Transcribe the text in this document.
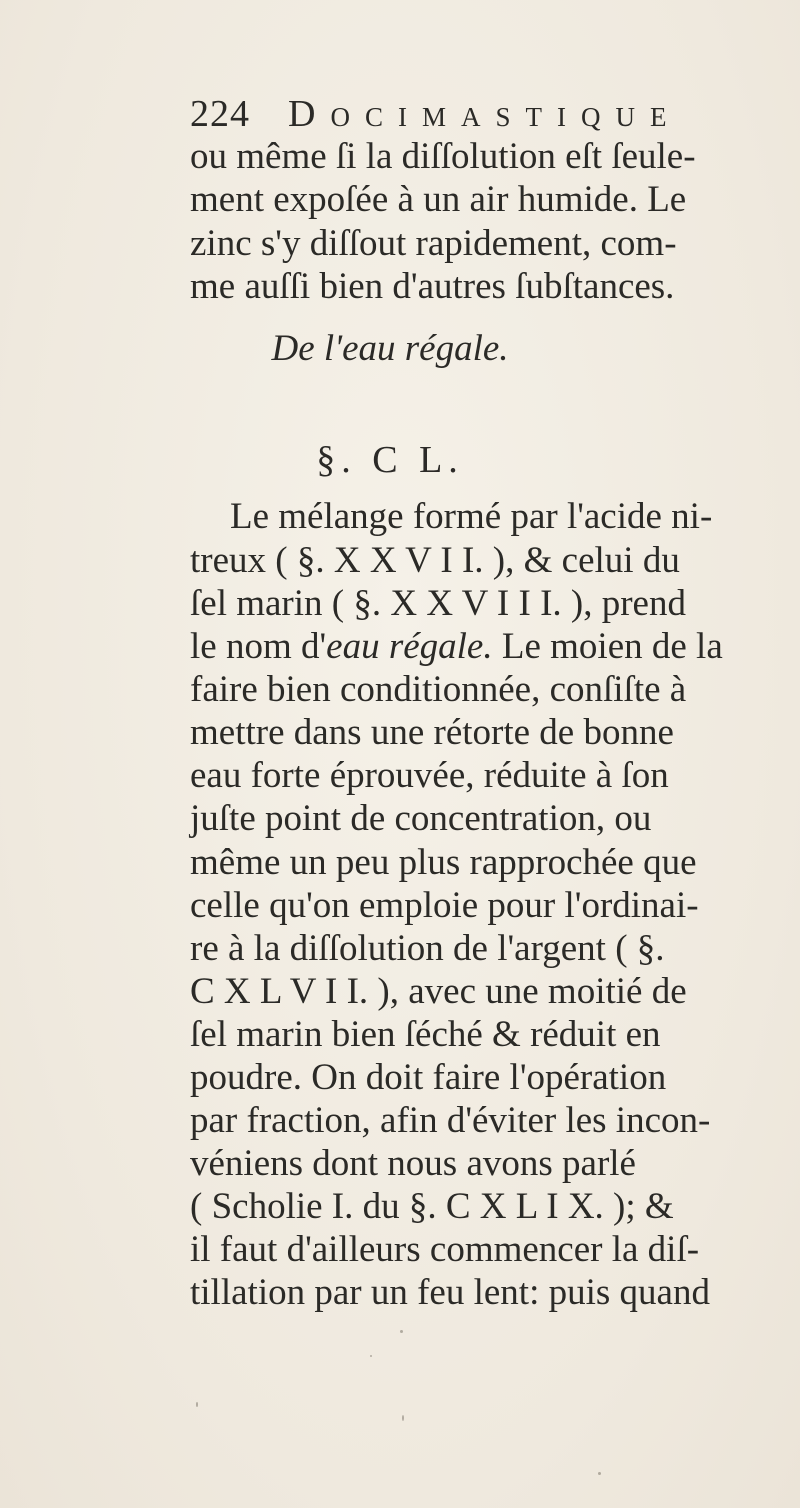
224 Docimastique
ou même ſi la diſſolution eſt ſeule-
ment expoſée à un air humide. Le
zinc s'y diſſout rapidement, com-
me auſſi bien d'autres ſubſtances.
De l'eau régale.
§. C L.
Le mélange formé par l'acide ni-
treux ( §. X X V I I. ), & celui du
ſel marin ( §. X X V I I I. ), prend
le nom d'eau régale. Le moien de la
faire bien conditionnée, conſiſte à
mettre dans une rétorte de bonne
eau forte éprouvée, réduite à ſon
juſte point de concentration, ou
même un peu plus rapprochée que
celle qu'on emploie pour l'ordinai-
re à la diſſolution de l'argent ( §.
C X L V I I. ), avec une moitié de
ſel marin bien ſéché & réduit en
poudre. On doit faire l'opération
par fraction, afin d'éviter les incon-
véniens dont nous avons parlé
( Scholie I. du §. C X L I X. ); &
il faut d'ailleurs commencer la diſ-
tillation par un feu lent: puis quand
